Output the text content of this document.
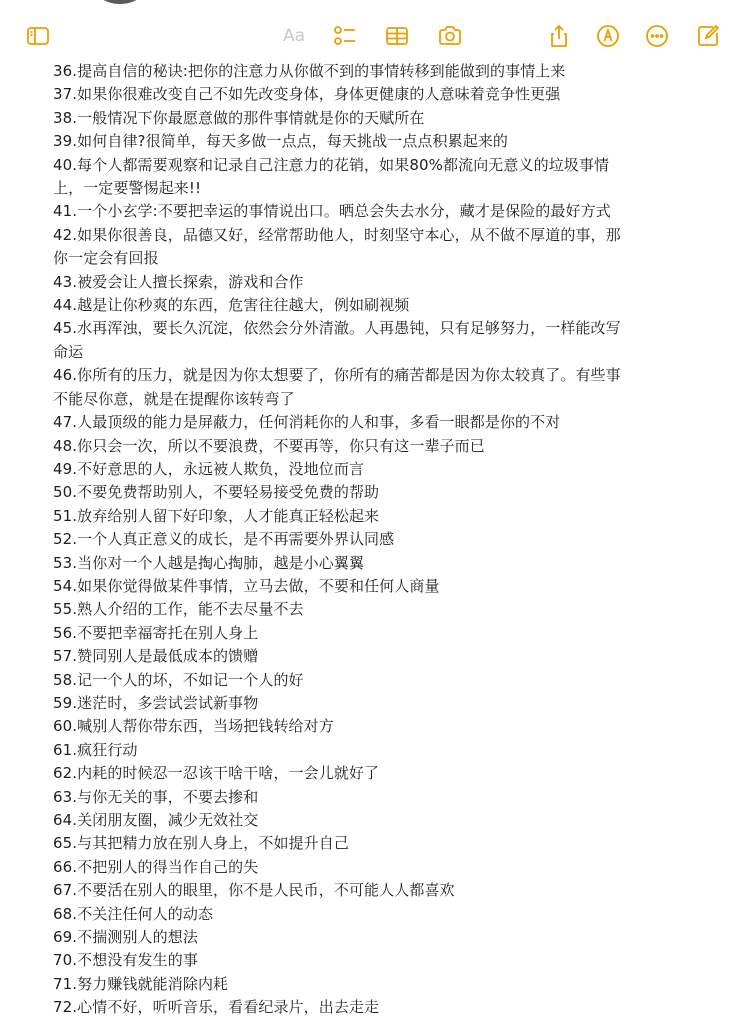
Aa
36.提高自信的秘诀:把你的注意力从你做不到的事情转移到能做到的事情上来
37.如果你很难改变自己不如先改变身体，身体更健康的人意味着竞争性更强
38.一般情况下你最愿意做的那件事情就是你的天赋所在
39.如何自律?很简单，每天多做一点点，每天挑战一点点积累起来的
40.每个人都需要观察和记录自己注意力的花销，如果80%都流向无意义的垃圾事情
上，一定要警惕起来!!
41.一个小玄学:不要把幸运的事情说出口。晒总会失去水分，藏才是保险的最好方式
42.如果你很善良，品德又好，经常帮助他人，时刻坚守本心，从不做不厚道的事，那
你一定会有回报
43.被爱会让人擅长探索，游戏和合作
44.越是让你秒爽的东西，危害往往越大，例如刷视频
45.水再浑浊，要长久沉淀，依然会分外清澈。人再愚钝，只有足够努力，一样能改写
命运
46.你所有的压力，就是因为你太想要了，你所有的痛苦都是因为你太较真了。有些事
不能尽你意，就是在提醒你该转弯了
47.人最顶级的能力是屏蔽力，任何消耗你的人和事，多看一眼都是你的不对
48.你只会一次，所以不要浪费，不要再等，你只有这一辈子而已
49.不好意思的人，永远被人欺负，没地位而言
50.不要免费帮助别人，不要轻易接受免费的帮助
51.放弃给别人留下好印象，人才能真正轻松起来
52.一个人真正意义的成长，是不再需要外界认同感
53.当你对一个人越是掏心掏肺，越是小心翼翼
54.如果你觉得做某件事情，立马去做，不要和任何人商量
55.熟人介绍的工作，能不去尽量不去
56.不要把幸福寄托在别人身上
57.赞同别人是最低成本的馈赠
58.记一个人的坏，不如记一个人的好
59.迷茫时，多尝试尝试新事物
60.喊别人帮你带东西，当场把钱转给对方
61.疯狂行动
62.内耗的时候忍一忍该干啥干啥，一会儿就好了
63.与你无关的事，不要去掺和
64.关闭朋友圈，减少无效社交
65.与其把精力放在别人身上，不如提升自己
66.不把别人的得当作自己的失
67.不要活在别人的眼里，你不是人民币，不可能人人都喜欢
68.不关注任何人的动态
69.不揣测别人的想法
70.不想没有发生的事
71.努力赚钱就能消除内耗
72.心情不好，听听音乐，看看纪录片，出去走走
